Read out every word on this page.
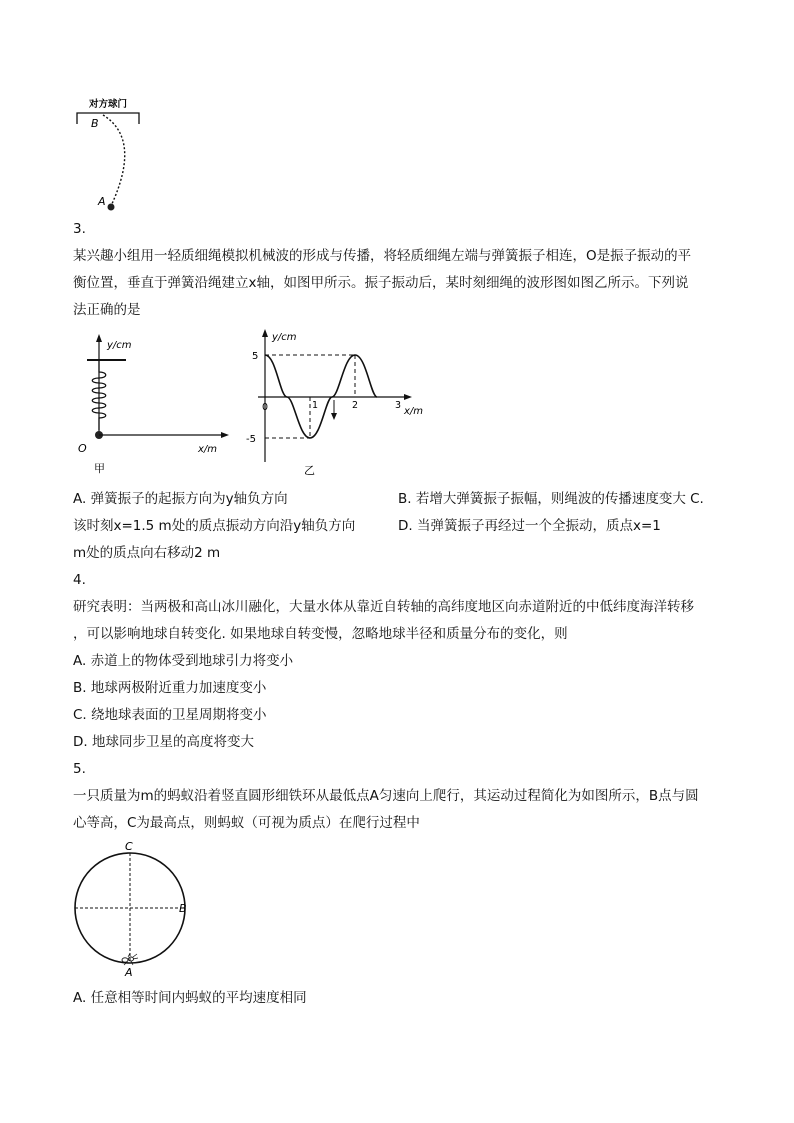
对方球门
B
A
3.
某兴趣小组用一轻质细绳模拟机械波的形成与传播，将轻质细绳左端与弹簧振子相连，O是振子振动的平
衡位置，垂直于弹簧沿绳建立x轴，如图甲所示。振子振动后，某时刻细绳的波形图如图乙所示。下列说
法正确的是
y/cm
x/m
O
甲
y/cm
x/m
5
-5
0	1	2	3
乙
A. 弹簧振子的起振方向为y轴负方向	B. 若增大弹簧振子振幅，则绳波的传播速度变大 C.
该时刻x=1.5 m处的质点振动方向沿y轴负方向	D. 当弹簧振子再经过一个全振动，质点x=1
m处的质点向右移动2 m
4.
研究表明：当两极和高山冰川融化，大量水体从靠近自转轴的高纬度地区向赤道附近的中低纬度海洋转移
，可以影响地球自转变化. 如果地球自转变慢，忽略地球半径和质量分布的变化，则
A. 赤道上的物体受到地球引力将变小
B. 地球两极附近重力加速度变小
C. 绕地球表面的卫星周期将变小
D. 地球同步卫星的高度将变大
5.
一只质量为m的蚂蚁沿着竖直圆形细铁环从最低点A匀速向上爬行，其运动过程简化为如图所示，B点与圆
心等高，C为最高点，则蚂蚁（可视为质点）在爬行过程中
C
B
A
A. 任意相等时间内蚂蚁的平均速度相同
